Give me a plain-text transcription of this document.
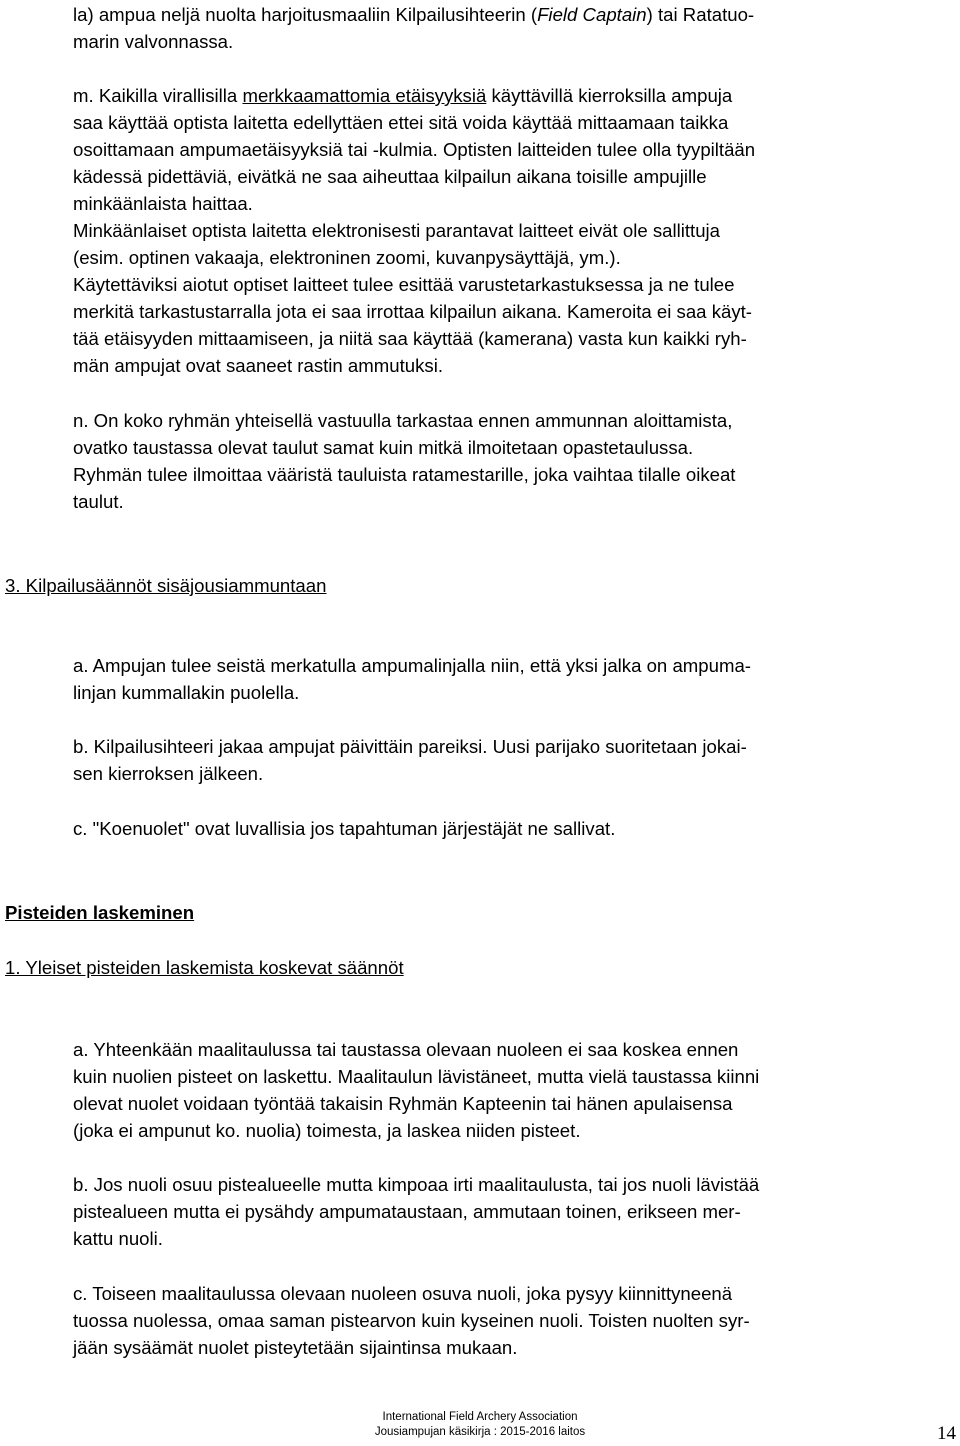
la) ampua neljä nuolta harjoitusmaaliin Kilpailusihteerin (Field Captain) tai Ratatuo-
marin valvonnassa.
m. Kaikilla virallisilla merkkaamattomia etäisyyksiä käyttävillä kierroksilla ampuja
saa käyttää optista laitetta edellyttäen ettei sitä voida käyttää mittaamaan taikka
osoittamaan ampumaetäisyyksiä tai -kulmia. Optisten laitteiden tulee olla tyypiltään
kädessä pidettäviä, eivätkä ne saa aiheuttaa kilpailun aikana toisille ampujille
minkäänlaista haittaa.
Minkäänlaiset optista laitetta elektronisesti parantavat laitteet eivät ole sallittuja
(esim. optinen vakaaja, elektroninen zoomi, kuvanpysäyttäjä, ym.).
Käytettäviksi aiotut optiset laitteet tulee esittää varustetarkastuksessa ja ne tulee
merkitä tarkastustarralla jota ei saa irrottaa kilpailun aikana. Kameroita ei saa käyt-
tää etäisyyden mittaamiseen, ja niitä saa käyttää (kamerana) vasta kun kaikki ryh-
män ampujat ovat saaneet rastin ammutuksi.
n. On koko ryhmän yhteisellä vastuulla tarkastaa ennen ammunnan aloittamista,
ovatko taustassa olevat taulut samat kuin mitkä ilmoitetaan opastetaulussa.
Ryhmän tulee ilmoittaa vääristä tauluista ratamestarille, joka vaihtaa tilalle oikeat
taulut.
3. Kilpailusäännöt sisäjousiammuntaan
a. Ampujan tulee seistä merkatulla ampumalinjalla niin, että yksi jalka on ampuma-
linjan kummallakin puolella.
b. Kilpailusihteeri jakaa ampujat päivittäin pareiksi. Uusi parijako suoritetaan jokai-
sen kierroksen jälkeen.
c. "Koenuolet" ovat luvallisia jos tapahtuman järjestäjät ne sallivat.
Pisteiden laskeminen
1. Yleiset pisteiden laskemista koskevat säännöt
a. Yhteenkään maalitaulussa tai taustassa olevaan nuoleen ei saa koskea ennen
kuin nuolien pisteet on laskettu. Maalitaulun lävistäneet, mutta vielä taustassa kiinni
olevat nuolet voidaan työntää takaisin Ryhmän Kapteenin tai hänen apulaisensa
(joka ei ampunut ko. nuolia) toimesta, ja laskea niiden pisteet.
b. Jos nuoli osuu pistealueelle mutta kimpoaa irti maalitaulusta, tai jos nuoli lävistää
pistealueen mutta ei pysähdy ampumataustaan, ammutaan toinen, erikseen mer-
kattu nuoli.
c. Toiseen maalitaulussa olevaan nuoleen osuva nuoli, joka pysyy kiinnittyneenä
tuossa nuolessa, omaa saman pistearvon kuin kyseinen nuoli. Toisten nuolten syr-
jään sysäämät nuolet pisteytetään sijaintinsa mukaan.
International Field Archery Association
Jousiampujan käsikirja : 2015-2016 laitos	14
